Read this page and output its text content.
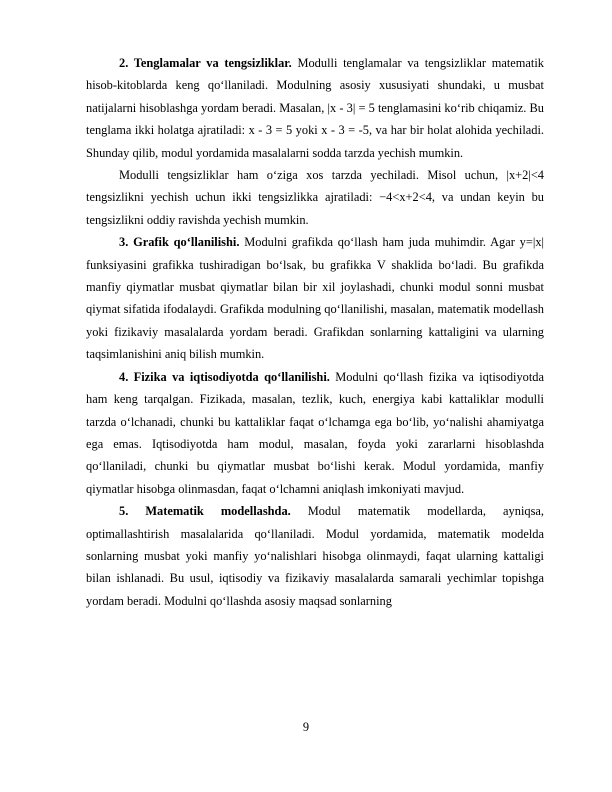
2. Tenglamalar va tengsizliklar. Modulli tenglamalar va tengsizliklar matematik hisob-kitoblarda keng qo‘llaniladi. Modulning asosiy xususiyati shundaki, u musbat natijalarni hisoblashga yordam beradi. Masalan, |x - 3| = 5 tenglamasini ko‘rib chiqamiz. Bu tenglama ikki holatga ajratiladi: x - 3 = 5 yoki x - 3 = -5, va har bir holat alohida yechiladi. Shunday qilib, modul yordamida masalalarni sodda tarzda yechish mumkin.

Modulli tengsizliklar ham o‘ziga xos tarzda yechiladi. Misol uchun, |x+2|<4 tengsizlikni yechish uchun ikki tengsizlikka ajratiladi: −4<x+2<4, va undan keyin bu tengsizlikni oddiy ravishda yechish mumkin.

3. Grafik qo‘llanilishi. Modulni grafikda qo‘llash ham juda muhimdir. Agar y=|x| funksiyasini grafikka tushiradigan bo‘lsak, bu grafikka V shaklida bo‘ladi. Bu grafikda manfiy qiymatlar musbat qiymatlar bilan bir xil joylashadi, chunki modul sonni musbat qiymat sifatida ifodalaydi. Grafikda modulning qo‘llanilishi, masalan, matematik modellash yoki fizikaviy masalalarda yordam beradi. Grafikdan sonlarning kattaligini va ularning taqsimlanishini aniq bilish mumkin.

4. Fizika va iqtisodiyotda qo‘llanilishi. Modulni qo‘llash fizika va iqtisodiyotda ham keng tarqalgan. Fizikada, masalan, tezlik, kuch, energiya kabi kattaliklar modulli tarzda o‘lchanadi, chunki bu kattaliklar faqat o‘lchamga ega bo‘lib, yo‘nalishi ahamiyatga ega emas. Iqtisodiyotda ham modul, masalan, foyda yoki zararlarni hisoblashda qo‘llaniladi, chunki bu qiymatlar musbat bo‘lishi kerak. Modul yordamida, manfiy qiymatlar hisobga olinmasdan, faqat o‘lchamni aniqlash imkoniyati mavjud.

5. Matematik modellashda. Modul matematik modellarda, ayniqsa, optimallashtirish masalalarida qo‘llaniladi. Modul yordamida, matematik modelda sonlarning musbat yoki manfiy yo‘nalishlari hisobga olinmaydi, faqat ularning kattaligi bilan ishlanadi. Bu usul, iqtisodiy va fizikaviy masalalarda samarali yechimlar topishga yordam beradi. Modulni qo‘llashda asosiy maqsad sonlarning

9
